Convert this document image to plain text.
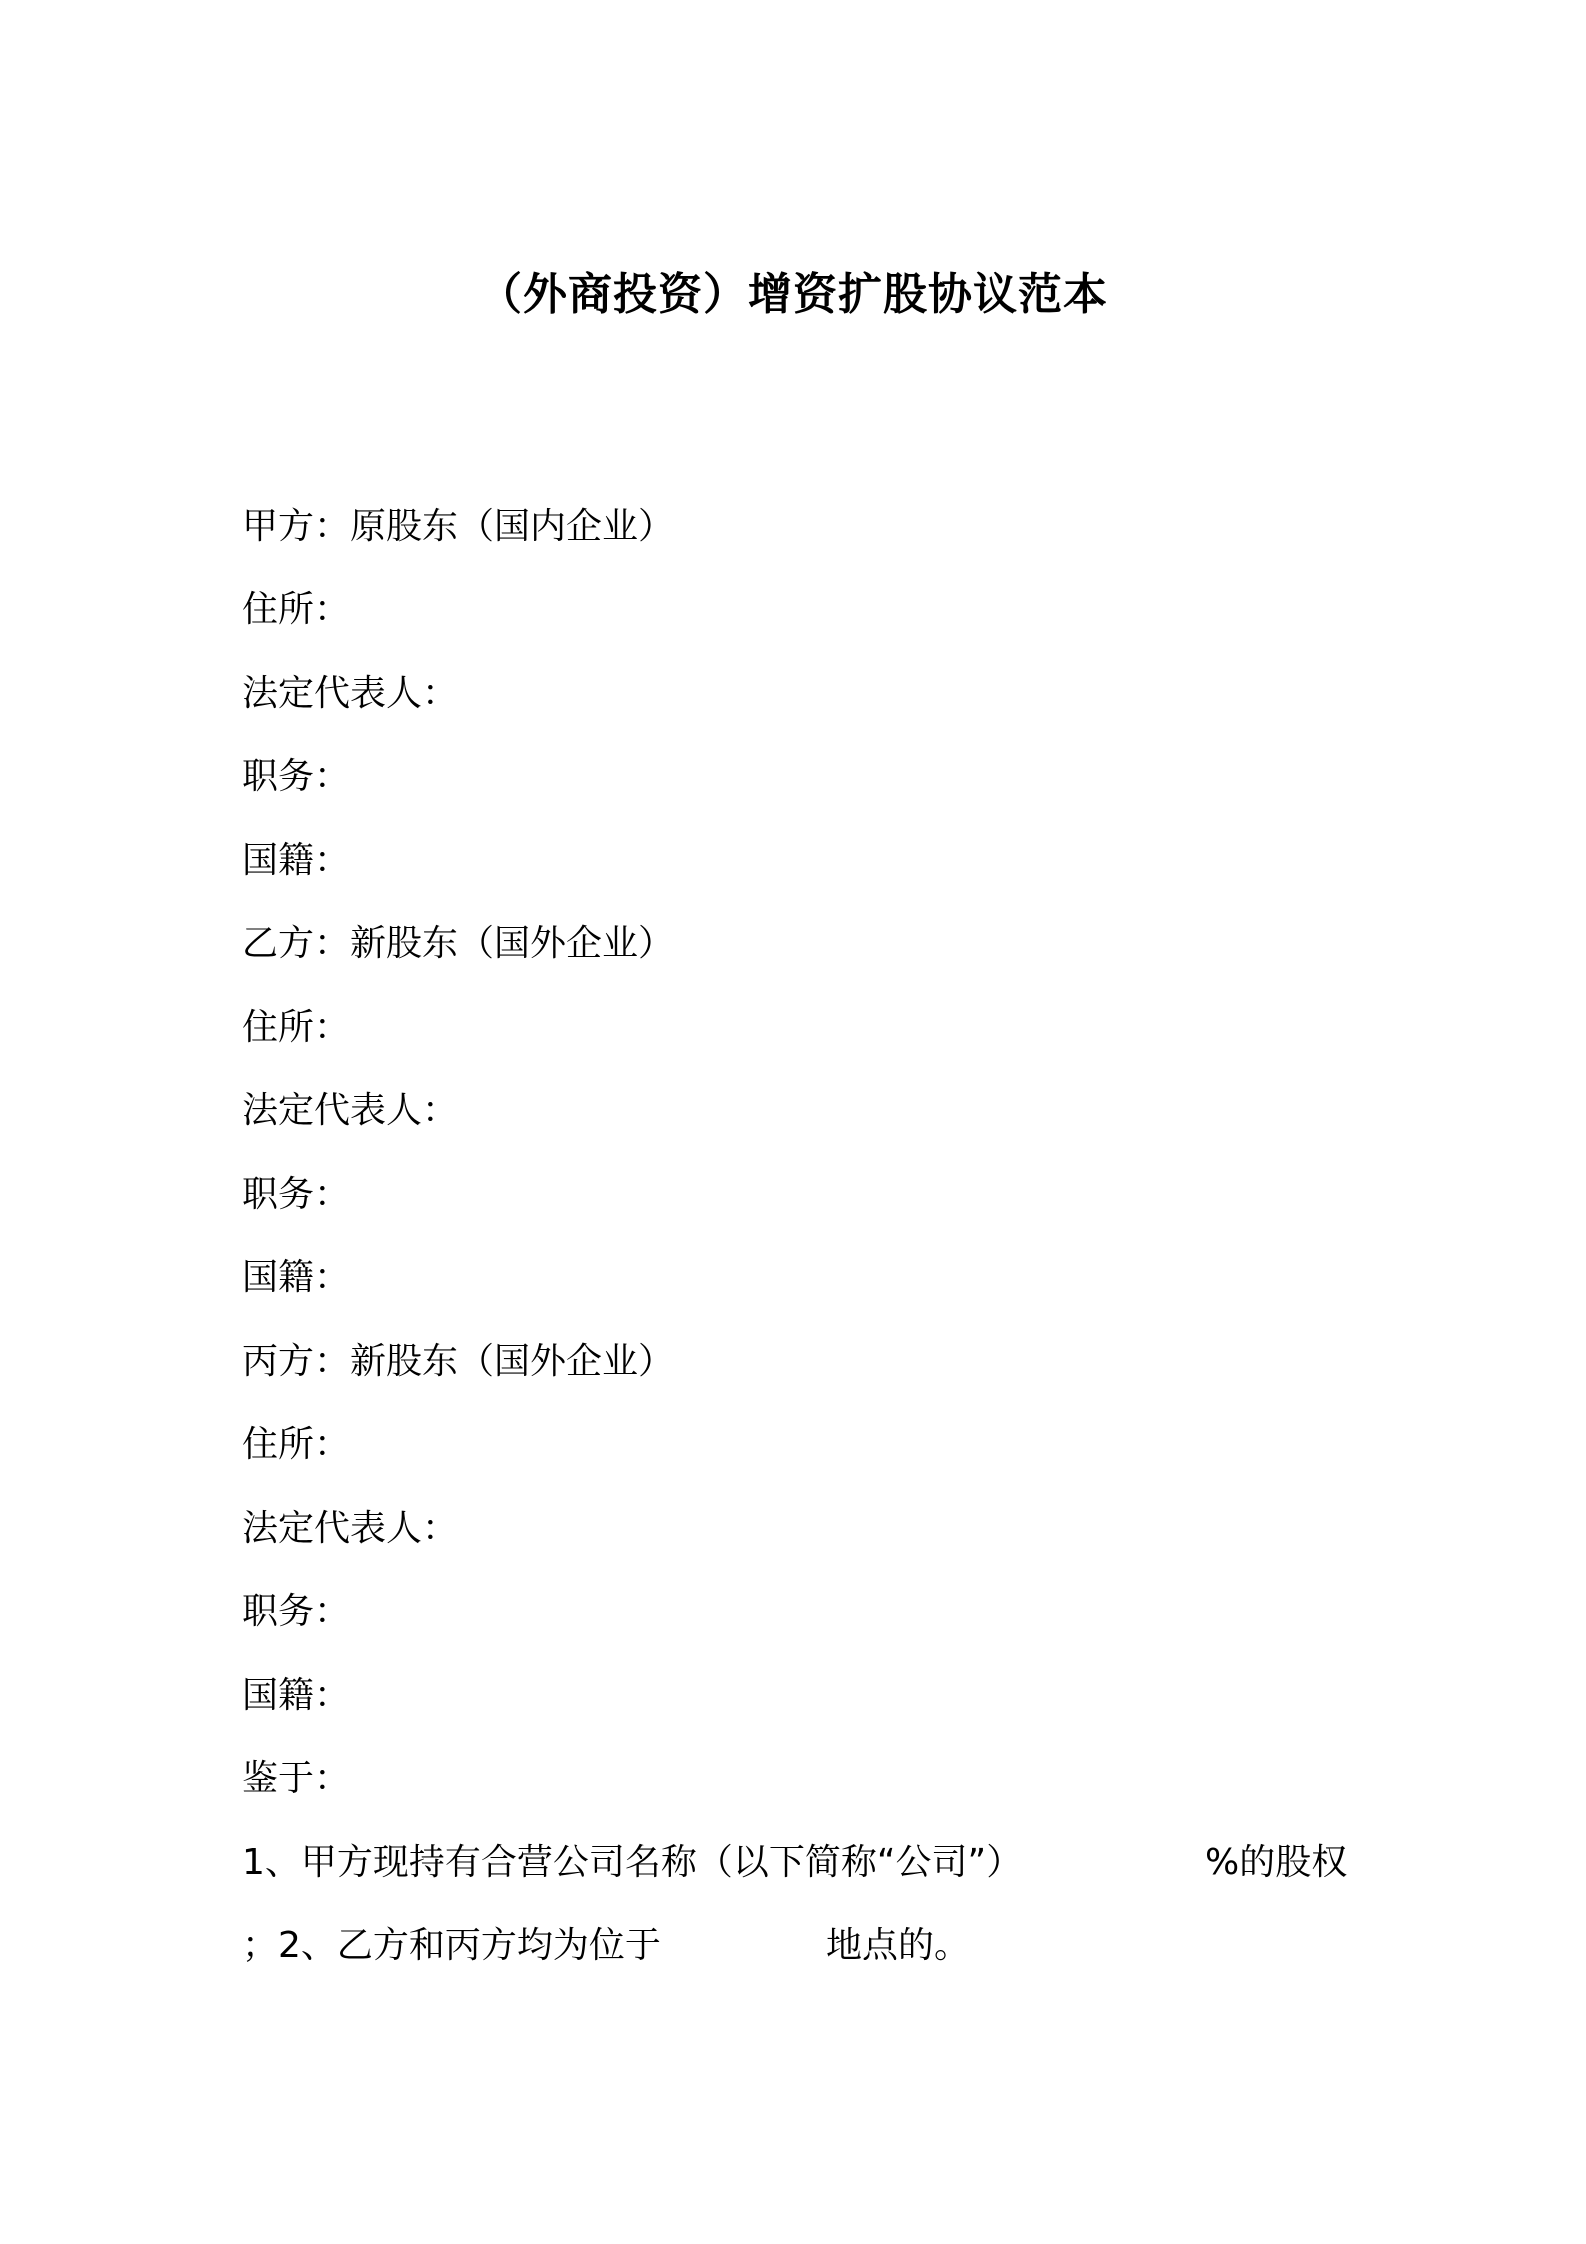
（外商投资）增资扩股协议范本
甲方：原股东（国内企业）
住所：
法定代表人：
职务：
国籍：
乙方：新股东（国外企业）
住所：
法定代表人：
职务：
国籍：
丙方：新股东（国外企业）
住所：
法定代表人：
职务：
国籍：
鉴于：
1、甲方现持有合营公司名称（以下简称“公司”）	%的股权
；2、乙方和丙方均为位于	地点的。
